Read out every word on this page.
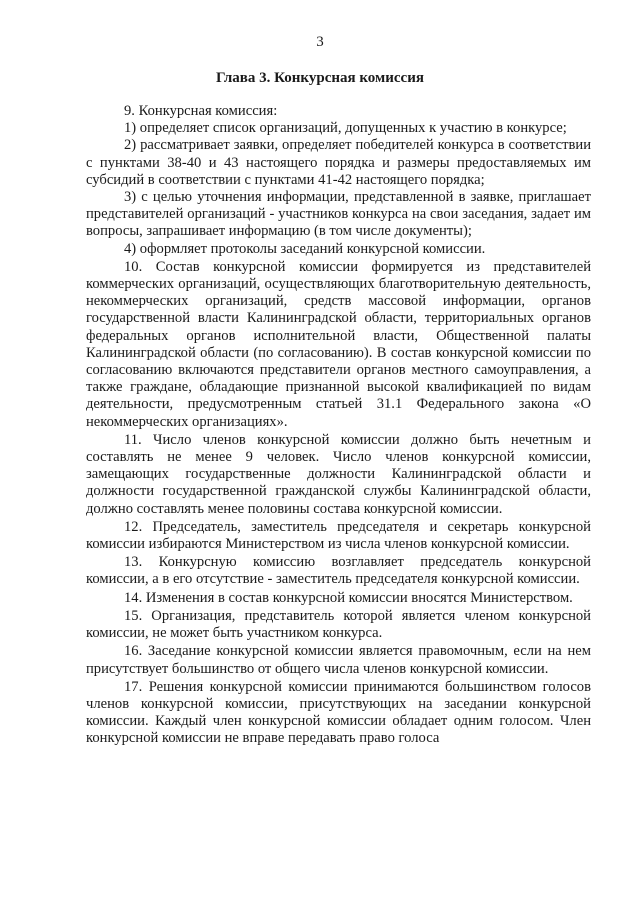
3
Глава 3. Конкурсная комиссия

9. Конкурсная комиссия:

1) определяет список организаций, допущенных к участию в конкурсе;

2) рассматривает заявки, определяет победителей конкурса в соответствии с пунктами 38-40 и 43 настоящего порядка и размеры предоставляемых им субсидий в соответствии с пунктами 41-42 настоящего порядка;

3) с целью уточнения информации, представленной в заявке, приглашает представителей организаций - участников конкурса на свои заседания, задает им вопросы, запрашивает информацию (в том числе документы);

4) оформляет протоколы заседаний конкурсной комиссии.

10. Состав конкурсной комиссии формируется из представителей коммерческих организаций, осуществляющих благотворительную деятельность, некоммерческих организаций, средств массовой информации, органов государственной власти Калининградской области, территориальных органов федеральных органов исполнительной власти, Общественной палаты Калининградской области (по согласованию). В состав конкурсной комиссии по согласованию включаются представители органов местного самоуправления, а также граждане, обладающие признанной высокой квалификацией по видам деятельности, предусмотренным статьей 31.1 Федерального закона «О некоммерческих организациях».

11. Число членов конкурсной комиссии должно быть нечетным и составлять не менее 9 человек. Число членов конкурсной комиссии, замещающих государственные должности Калининградской области и должности государственной гражданской службы Калининградской области, должно составлять менее половины состава конкурсной комиссии.

12. Председатель, заместитель председателя и секретарь конкурсной комиссии избираются Министерством из числа членов конкурсной комиссии.

13. Конкурсную комиссию возглавляет председатель конкурсной комиссии, а в его отсутствие - заместитель председателя конкурсной комиссии.

14. Изменения в состав конкурсной комиссии вносятся Министерством.

15. Организация, представитель которой является членом конкурсной комиссии, не может быть участником конкурса.

16. Заседание конкурсной комиссии является правомочным, если на нем присутствует большинство от общего числа членов конкурсной комиссии.

17. Решения конкурсной комиссии принимаются большинством голосов членов конкурсной комиссии, присутствующих на заседании конкурсной комиссии. Каждый член конкурсной комиссии обладает одним голосом. Член конкурсной комиссии не вправе передавать право голоса
